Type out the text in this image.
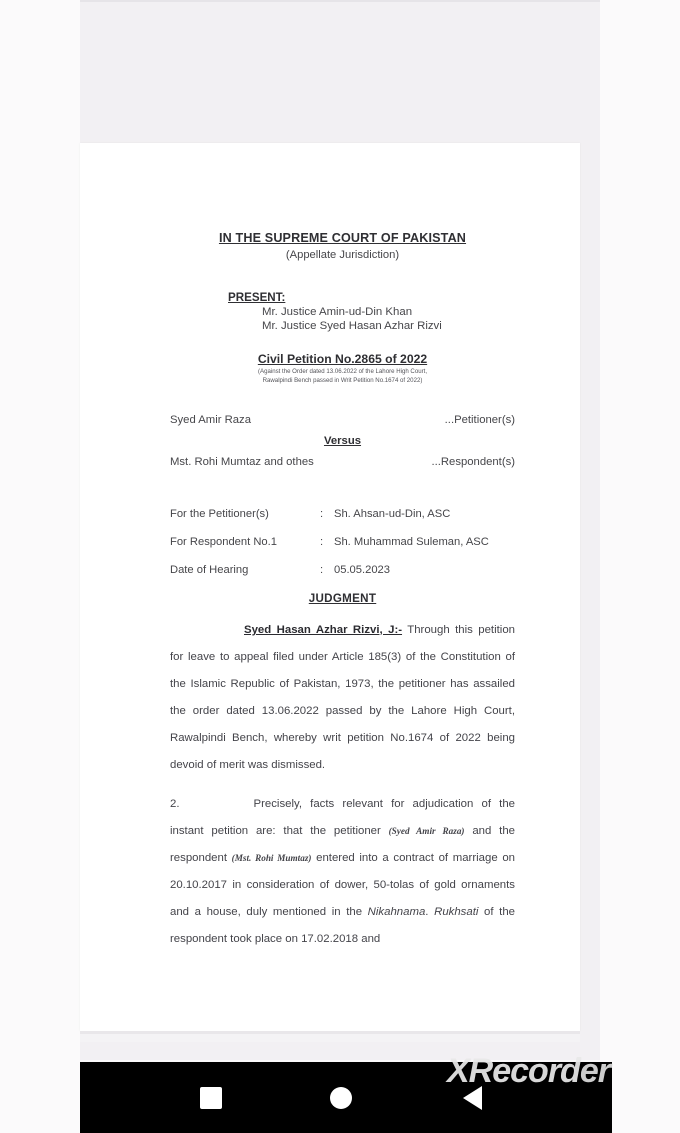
IN THE SUPREME COURT OF PAKISTAN
(Appellate Jurisdiction)
PRESENT:
Mr. Justice Amin-ud-Din Khan
Mr. Justice Syed Hasan Azhar Rizvi
Civil Petition No.2865 of 2022
(Against the Order dated 13.06.2022 of the Lahore High Court,
Rawalpindi Bench passed in Writ Petition No.1674 of 2022)
Syed Amir Raza	...Petitioner(s)
Versus
Mst. Rohi Mumtaz and othes	...Respondent(s)
For the Petitioner(s)	: Sh. Ahsan-ud-Din, ASC
For Respondent No.1	: Sh. Muhammad Suleman, ASC
Date of Hearing	: 05.05.2023
JUDGMENT

Syed Hasan Azhar Rizvi, J:- Through this petition for leave to appeal filed under Article 185(3) of the Constitution of the Islamic Republic of Pakistan, 1973, the petitioner has assailed the order dated 13.06.2022 passed by the Lahore High Court, Rawalpindi Bench, whereby writ petition No.1674 of 2022 being devoid of merit was dismissed.

2.	Precisely, facts relevant for adjudication of the instant petition are: that the petitioner (Syed Amir Raza) and the respondent (Mst. Rohi Mumtaz) entered into a contract of marriage on 20.10.2017 in consideration of dower, 50-tolas of gold ornaments and a house, duly mentioned in the Nikahnama. Rukhsati of the respondent took place on 17.02.2018 and

XRecorder
